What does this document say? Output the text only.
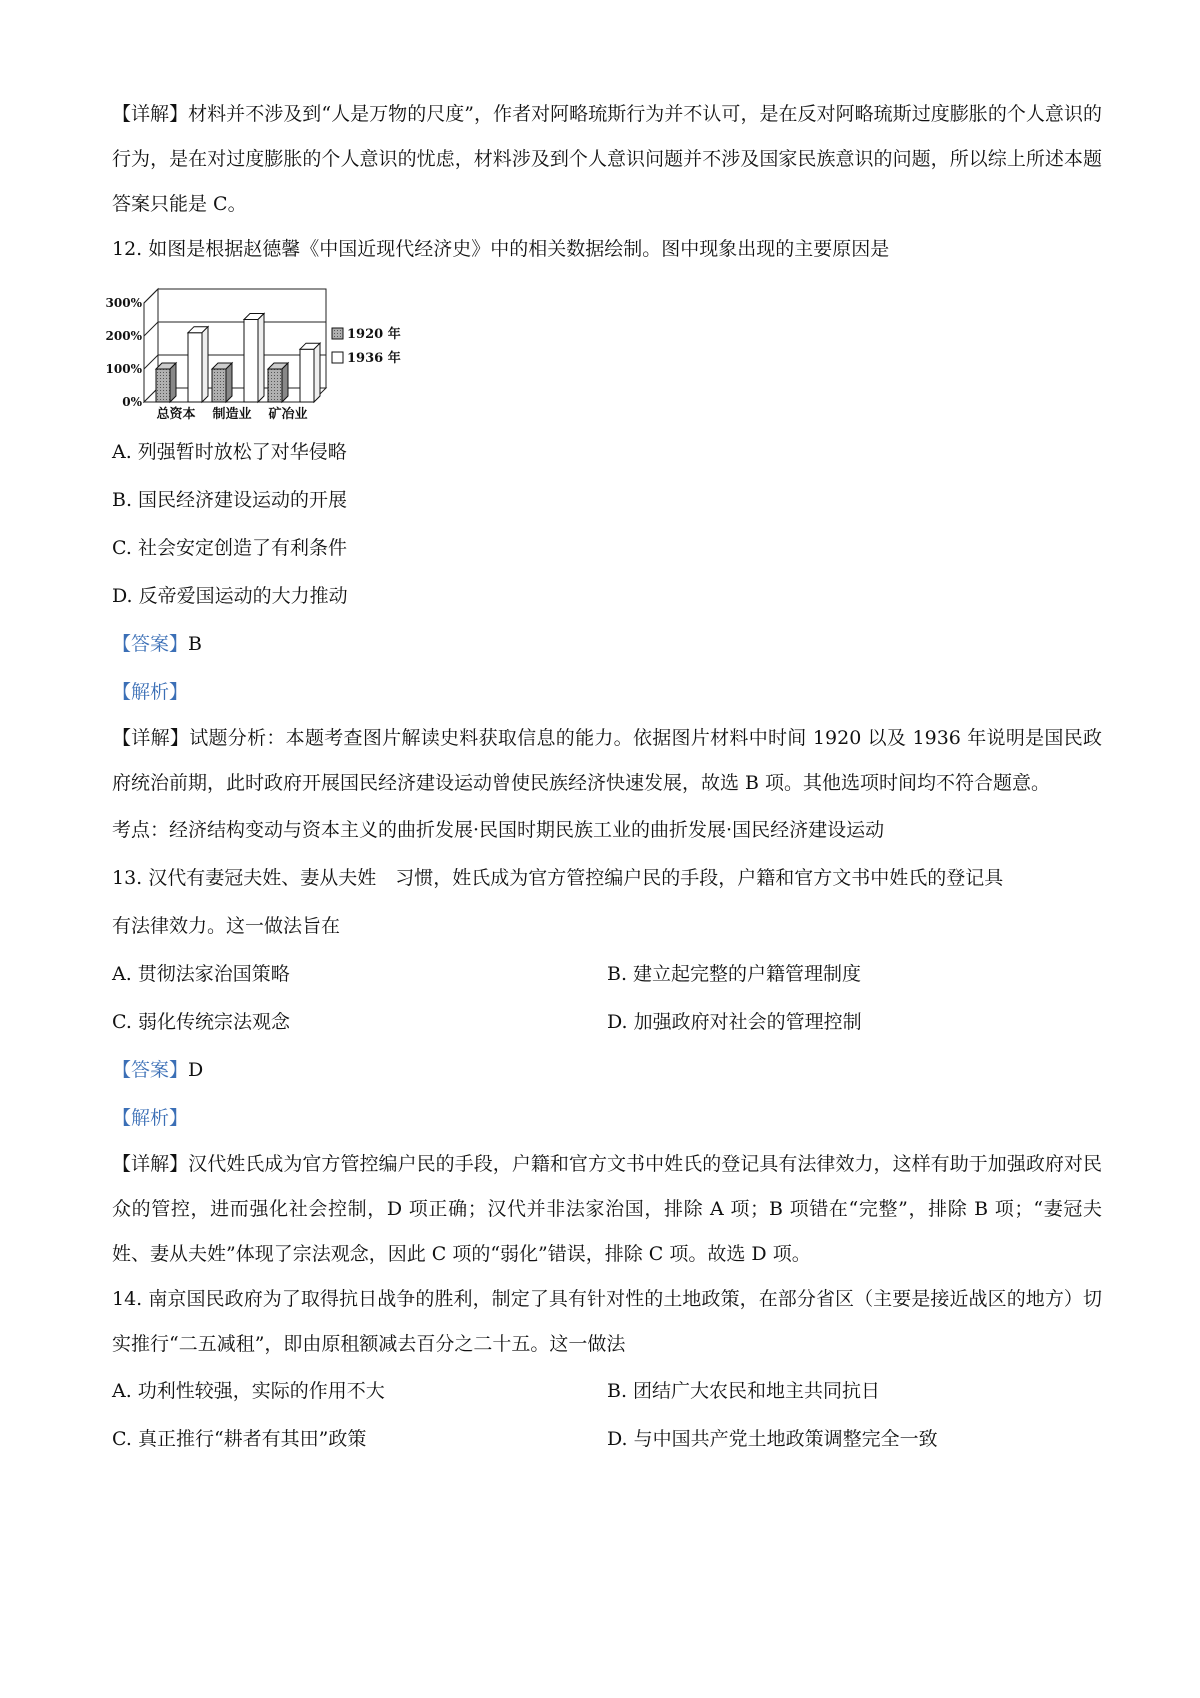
【详解】材料并不涉及到“人是万物的尺度”，作者对阿略琉斯行为并不认可，是在反对阿略琉斯过度膨胀的个人意识的行为，是在对过度膨胀的个人意识的忧虑，材料涉及到个人意识问题并不涉及国家民族意识的问题，所以综上所述本题答案只能是 C。

12. 如图是根据赵德馨《中国近现代经济史》中的相关数据绘制。图中现象出现的主要原因是

0%
100%
200%
300%
总资本 制造业 矿冶业
1920 年
1936 年
A. 列强暂时放松了对华侵略
B. 国民经济建设运动的开展
C. 社会安定创造了有利条件
D. 反帝爱国运动的大力推动
【答案】B
【解析】

【详解】试题分析：本题考查图片解读史料获取信息的能力。依据图片材料中时间 1920 以及 1936 年说明是国民政府统治前期，此时政府开展国民经济建设运动曾使民族经济快速发展，故选 B 项。其他选项时间均不符合题意。

考点：经济结构变动与资本主义的曲折发展·民国时期民族工业的曲折发展·国民经济建设运动
13. 汉代有妻冠夫姓、妻从夫姓　习惯，姓氏成为官方管控编户民的手段，户籍和官方文书中姓氏的登记具
有法律效力。这一做法旨在
A. 贯彻法家治国策略	B. 建立起完整的户籍管理制度
C. 弱化传统宗法观念	D. 加强政府对社会的管理控制
【答案】D
【解析】

【详解】汉代姓氏成为官方管控编户民的手段，户籍和官方文书中姓氏的登记具有法律效力，这样有助于加强政府对民众的管控，进而强化社会控制，D 项正确；汉代并非法家治国，排除 A 项；B 项错在“完整”，排除 B 项；“妻冠夫姓、妻从夫姓”体现了宗法观念，因此 C 项的“弱化”错误，排除 C 项。故选 D 项。

14. 南京国民政府为了取得抗日战争的胜利，制定了具有针对性的土地政策，在部分省区（主要是接近战区的地方）切实推行“二五减租”，即由原租额减去百分之二十五。这一做法

A. 功利性较强，实际的作用不大	B. 团结广大农民和地主共同抗日
C. 真正推行“耕者有其田”政策	D. 与中国共产党土地政策调整完全一致
